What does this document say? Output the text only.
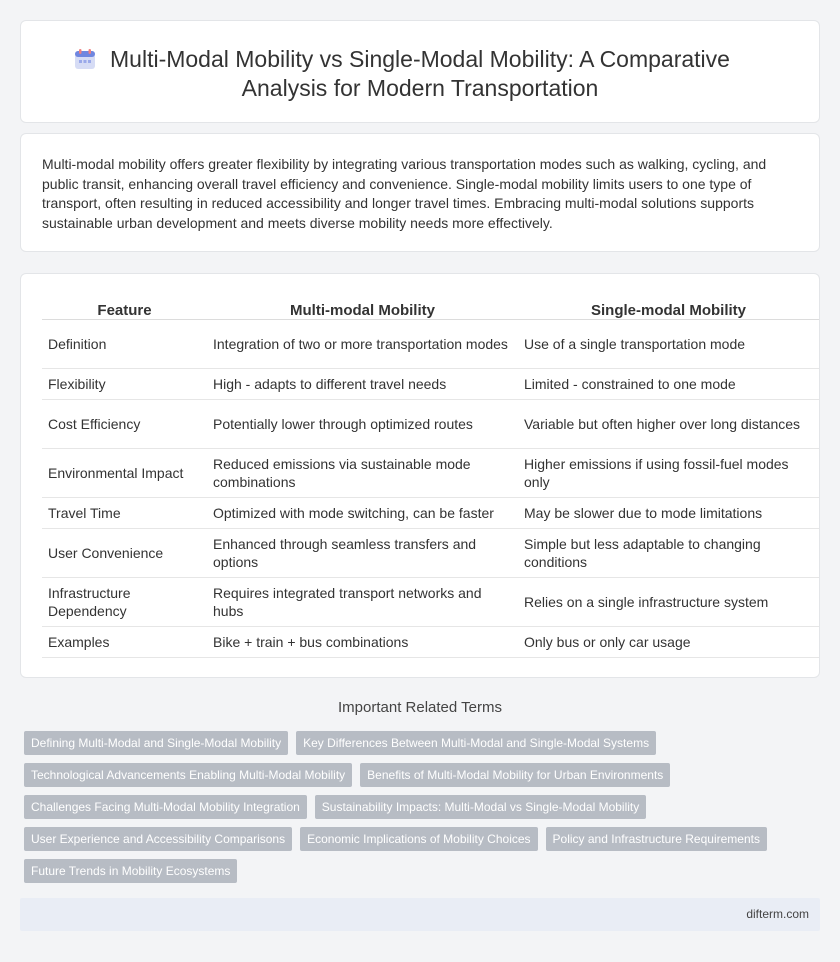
Multi-Modal Mobility vs Single-Modal Mobility: A Comparative
Analysis for Modern Transportation

Multi-modal mobility offers greater flexibility by integrating various transportation modes such as walking, cycling, and public transit, enhancing overall travel efficiency and convenience. Single-modal mobility limits users to one type of transport, often resulting in reduced accessibility and longer travel times. Embracing multi-modal solutions supports sustainable urban development and meets diverse mobility needs more effectively.

Feature	Multi-modal Mobility	Single-modal Mobility
Definition	Integration of two or more transportation modes	Use of a single transportation mode
Flexibility	High - adapts to different travel needs	Limited - constrained to one mode
Cost Efficiency	Potentially lower through optimized routes	Variable but often higher over long distances
Environmental Impact	Reduced emissions via sustainable mode combinations	Higher emissions if using fossil-fuel modes only
Travel Time	Optimized with mode switching, can be faster	May be slower due to mode limitations
User Convenience	Enhanced through seamless transfers and options	Simple but less adaptable to changing conditions
Infrastructure Dependency	Requires integrated transport networks and hubs	Relies on a single infrastructure system
Examples	Bike + train + bus combinations	Only bus or only car usage
Important Related Terms
Defining Multi-Modal and Single-Modal Mobility	Key Differences Between Multi-Modal and Single-Modal Systems
Technological Advancements Enabling Multi-Modal Mobility	Benefits of Multi-Modal Mobility for Urban Environments
Challenges Facing Multi-Modal Mobility Integration	Sustainability Impacts: Multi-Modal vs Single-Modal Mobility
User Experience and Accessibility Comparisons	Economic Implications of Mobility Choices	Policy and Infrastructure Requirements
Future Trends in Mobility Ecosystems
difterm.com
